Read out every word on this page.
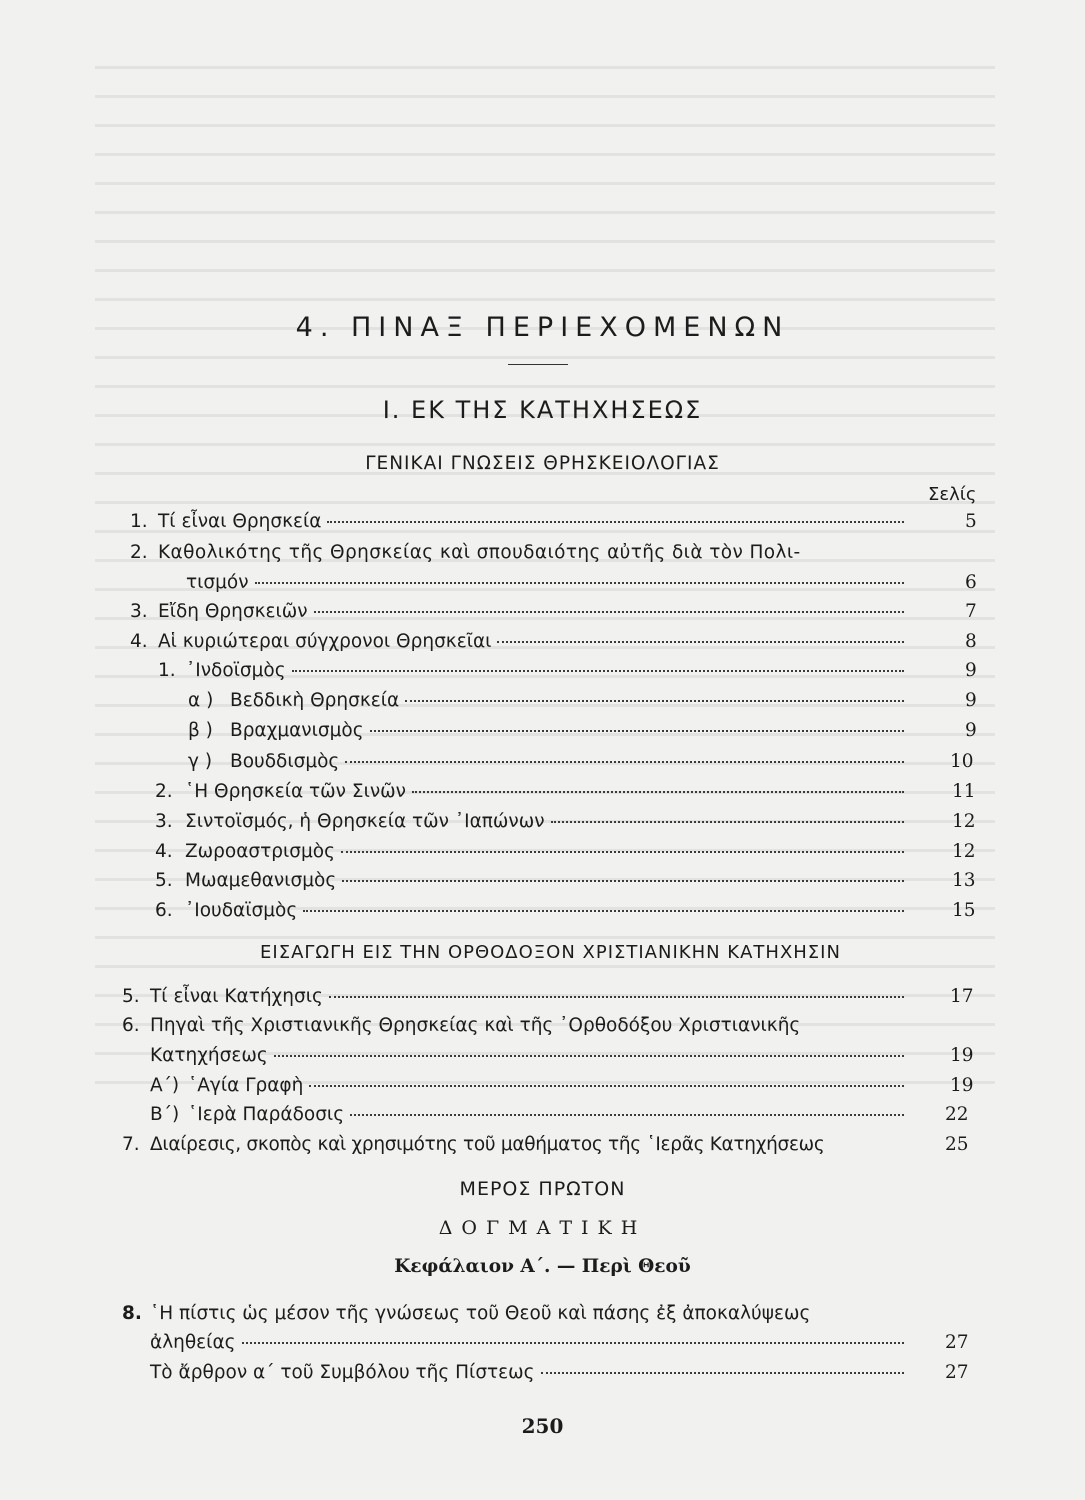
4. ΠΙΝΑΞ ΠΕΡΙΕΧΟΜΕΝΩΝ
Ι. ΕΚ ΤΗΣ ΚΑΤΗΧΗΣΕΩΣ
ΓΕΝΙΚΑΙ ΓΝΩΣΕΙΣ ΘΡΗΣΚΕΙΟΛΟΓΙΑΣ
Σελίς
1. Τί εἶναι Θρησκεία	5
2. Καθολικότης τῆς Θρησκείας καὶ σπουδαιότης αὐτῆς διὰ τὸν Πολι-
τισμόν	6
3. Εἴδη Θρησκειῶν	7
4. Αἱ κυριώτεραι σύγχρονοι Θρησκεῖαι	8
1. ᾿Ινδοϊσμὸς	9
α ) Βεδδικὴ Θρησκεία	9
β ) Βραχμανισμὸς	9
γ ) Βουδδισμὸς	10
2. ῾Η Θρησκεία τῶν Σινῶν	11
3. Σιντοϊσμός, ἡ Θρησκεία τῶν ᾿Ιαπώνων	12
4. Ζωροαστρισμὸς	12
5. Μωαμεθανισμὸς	13
6. ᾿Ιουδαϊσμὸς	15
ΕΙΣΑΓΩΓΗ ΕΙΣ ΤΗΝ ΟΡΘΟΔΟΞΟΝ ΧΡΙΣΤΙΑΝΙΚΗΝ ΚΑΤΗΧΗΣΙΝ
5. Τί εἶναι Κατήχησις	17
6. Πηγαὶ τῆς Χριστιανικῆς Θρησκείας καὶ τῆς ᾿Ορθοδόξου Χριστιανικῆς
Κατηχήσεως	19
Α΄) ῾Αγία Γραφὴ	19
Β΄) ῾Ιερὰ Παράδοσις	22
7. Διαίρεσις, σκοπὸς καὶ χρησιμότης τοῦ μαθήματος τῆς ῾Ιερᾶς Κατηχήσεως	25
ΜΕΡΟΣ ΠΡΩΤΟΝ
ΔΟΓΜΑΤΙΚΗ
Κεφάλαιον Α΄. — Περὶ Θεοῦ
8. ῾Η πίστις ὡς μέσον τῆς γνώσεως τοῦ Θεοῦ καὶ πάσης ἐξ ἀποκαλύψεως
ἀληθείας	27
Τὸ ἄρθρον α΄ τοῦ Συμβόλου τῆς Πίστεως	27
250
